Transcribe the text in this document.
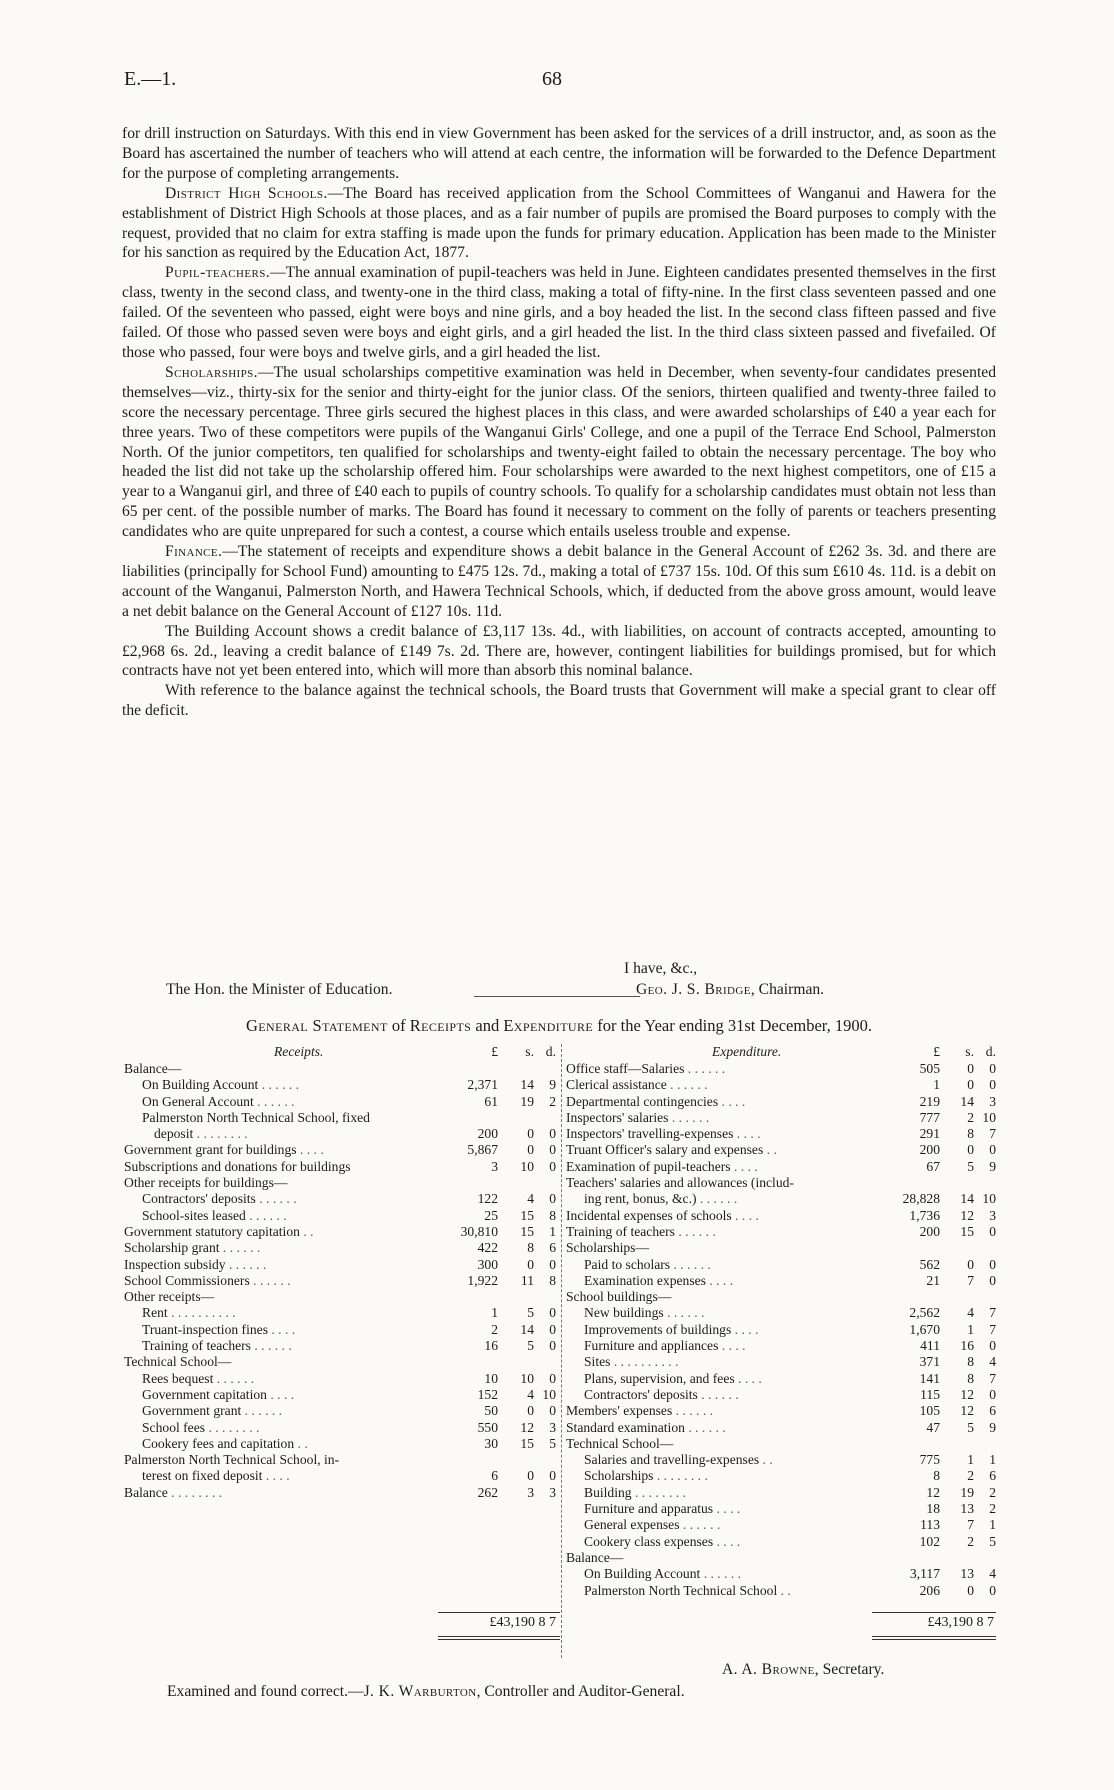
E.—1.	68

for drill instruction on Saturdays. With this end in view Government has been asked for the services of a drill instructor, and, as soon as the Board has ascertained the number of teachers who will attend at each centre, the information will be forwarded to the Defence Department for the purpose of completing arrangements.

District High Schools.—The Board has received application from the School Committees of Wanganui and Hawera for the establishment of District High Schools at those places, and as a fair number of pupils are promised the Board purposes to comply with the request, provided that no claim for extra staffing is made upon the funds for primary education. Application has been made to the Minister for his sanction as required by the Education Act, 1877.

Pupil-teachers.—The annual examination of pupil-teachers was held in June. Eighteen candidates presented themselves in the first class, twenty in the second class, and twenty-one in the third class, making a total of fifty-nine. In the first class seventeen passed and one failed. Of the seventeen who passed, eight were boys and nine girls, and a boy headed the list. In the second class fifteen passed and five failed. Of those who passed seven were boys and eight girls, and a girl headed the list. In the third class sixteen passed and fivefailed. Of those who passed, four were boys and twelve girls, and a girl headed the list.

Scholarships.—The usual scholarships competitive examination was held in December, when seventy-four candidates presented themselves—viz., thirty-six for the senior and thirty-eight for the junior class. Of the seniors, thirteen qualified and twenty-three failed to score the necessary percentage. Three girls secured the highest places in this class, and were awarded scholarships of £40 a year each for three years. Two of these competitors were pupils of the Wanganui Girls' College, and one a pupil of the Terrace End School, Palmerston North. Of the junior competitors, ten qualified for scholarships and twenty-eight failed to obtain the necessary percentage. The boy who headed the list did not take up the scholarship offered him. Four scholarships were awarded to the next highest competitors, one of £15 a year to a Wanganui girl, and three of £40 each to pupils of country schools. To qualify for a scholarship candidates must obtain not less than 65 per cent. of the possible number of marks. The Board has found it necessary to comment on the folly of parents or teachers presenting candidates who are quite unprepared for such a contest, a course which entails useless trouble and expense.

Finance.—The statement of receipts and expenditure shows a debit balance in the General Account of £262 3s. 3d. and there are liabilities (principally for School Fund) amounting to £475 12s. 7d., making a total of £737 15s. 10d. Of this sum £610 4s. 11d. is a debit on account of the Wanganui, Palmerston North, and Hawera Technical Schools, which, if deducted from the above gross amount, would leave a net debit balance on the General Account of £127 10s. 11d.

The Building Account shows a credit balance of £3,117 13s. 4d., with liabilities, on account of contracts accepted, amounting to £2,968 6s. 2d., leaving a credit balance of £149 7s. 2d. There are, however, contingent liabilities for buildings promised, but for which contracts have not yet been entered into, which will more than absorb this nominal balance.

With reference to the balance against the technical schools, the Board trusts that Government will make a special grant to clear off the deficit.

I have, &c.,
The Hon. the Minister of Education.	Geo. J. S. Bridge, Chairman.
General Statement of Receipts and Expenditure for the Year ending 31st December, 1900.
Receipts.	£ s. d.
Balance—
On Building Account . . . . . .	2,371	14	9
On General Account . . . . . .	61	19	2
Palmerston North Technical School, fixed
deposit . . . . . . . .	200	0	0
Government grant for buildings . . . .	5,867	0	0
Subscriptions and donations for buildings	3	10	0
Other receipts for buildings—
Contractors' deposits . . . . . .	122	4	0
School-sites leased . . . . . .	25	15	8
Government statutory capitation . .	30,810	15	1
Scholarship grant . . . . . .	422	8	6
Inspection subsidy . . . . . .	300	0	0
School Commissioners . . . . . .	1,922	11	8
Other receipts—
Rent . . . . . . . . . .	1	5	0
Truant-inspection fines . . . .	2	14	0
Training of teachers . . . . . .	16	5	0
Technical School—
Rees bequest . . . . . .	10	10	0
Government capitation . . . .	152	4 10
Government grant . . . . . .	50	0	0
School fees . . . . . . . .	550	12	3
Cookery fees and capitation . .	30	15	5
Palmerston North Technical School, in-
terest on fixed deposit . . . .	6	0	0
Balance . . . . . . . .	262	3	3
Expenditure.	£ s. d.
Office staff—Salaries . . . . . .	505	0	0
Clerical assistance . . . . . .	1	0	0
Departmental contingencies . . . .	219	14	3
Inspectors' salaries . . . . . .	777	2 10
Inspectors' travelling-expenses . . . .	291	8	7
Truant Officer's salary and expenses . .	200	0	0
Examination of pupil-teachers . . . .	67	5	9
Teachers' salaries and allowances (includ-
ing rent, bonus, &c.) . . . . . .	28,828	14 10
Incidental expenses of schools . . . .	1,736	12	3
Training of teachers . . . . . .	200	15	0
Scholarships—
Paid to scholars . . . . . .	562	0	0
Examination expenses . . . .	21	7	0
School buildings—
New buildings . . . . . .	2,562	4	7
Improvements of buildings . . . .	1,670	1	7
Furniture and appliances . . . .	411	16	0
Sites . . . . . . . . . .	371	8	4
Plans, supervision, and fees . . . .	141	8	7
Contractors' deposits . . . . . .	115	12	0
Members' expenses . . . . . .	105	12	6
Standard examination . . . . . .	47	5	9
Technical School—
Salaries and travelling-expenses . .	775	1	1
Scholarships . . . . . . . .	8	2	6
Building . . . . . . . .	12	19	2
Furniture and apparatus . . . .	18	13	2
General expenses . . . . . .	113	7	1
Cookery class expenses . . . .	102	2	5
Balance—
On Building Account . . . . . .	3,117	13	4
Palmerston North Technical School . .	206	0	0
£43,190 8 7	£43,190 8 7
A. A. Browne, Secretary.
Examined and found correct.—J. K. Warburton, Controller and Auditor-General.
